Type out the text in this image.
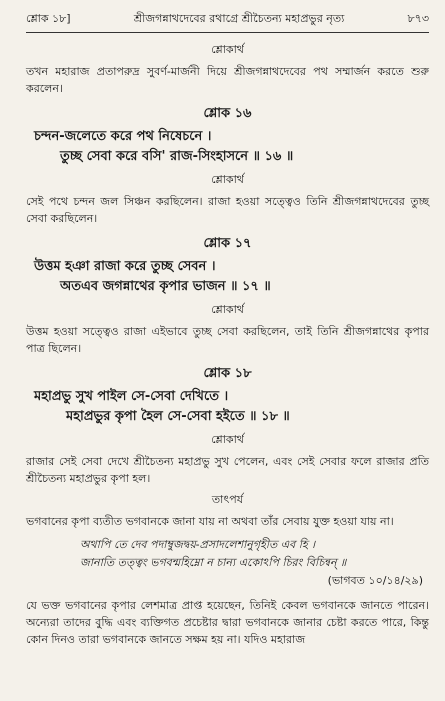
শ্লোক ১৮]	শ্রীজগন্নাথদেবের রথাগ্রে শ্রীচৈতন্য মহাপ্রভুর নৃত্য	৮৭৩
শ্লোকার্থ

তখন মহারাজ প্রতাপরুদ্র সুবর্ণ-মার্জনী দিয়ে শ্রীজগন্নাথদেবের পথ সম্মার্জন করতে শুরু করলেন।

শ্লোক ১৬

চন্দন-জলেতে করে পথ নিষেচনে ।

তুচ্ছ সেবা করে বসি' রাজ-সিংহাসনে ॥ ১৬ ॥

শ্লোকার্থ

সেই পথে চন্দন জল সিঞ্চন করছিলেন। রাজা হওয়া সত্ত্বেও তিনি শ্রীজগন্নাথদেবের তুচ্ছ সেবা করছিলেন।

শ্লোক ১৭

উত্তম হঞা রাজা করে তুচ্ছ সেবন ।

অতএব জগন্নাথের কৃপার ভাজন ॥ ১৭ ॥

শ্লোকার্থ

উত্তম হওয়া সত্ত্বেও রাজা এইভাবে তুচ্ছ সেবা করছিলেন, তাই তিনি শ্রীজগন্নাথের কৃপার পাত্র ছিলেন।

শ্লোক ১৮

মহাপ্রভু সুখ পাইল সে-সেবা দেখিতে ।

মহাপ্রভুর কৃপা হৈল সে-সেবা হইতে ॥ ১৮ ॥

শ্লোকার্থ

রাজার সেই সেবা দেখে শ্রীচৈতন্য মহাপ্রভু সুখ পেলেন, এবং সেই সেবার ফলে রাজার প্রতি শ্রীচৈতন্য মহাপ্রভুর কৃপা হল।

তাৎপর্য

ভগবানের কৃপা ব্যতীত ভগবানকে জানা যায় না অথবা তাঁর সেবায় যুক্ত হওয়া যায় না।

অথাপি তে দেব পদাম্বুজদ্বয়-প্রসাদলেশানুগৃহীত এব হি ।

জানাতি তত্ত্বং ভগবন্মহিম্নো ন চান্য একোঽপি চিরং বিচিন্বন্ ॥

(ভাগবত ১০/১৪/২৯)

যে ভক্ত ভগবানের কৃপার লেশমাত্র প্রাপ্ত হয়েছেন, তিনিই কেবল ভগবানকে জানতে পারেন। অন্যেরা তাদের বুদ্ধি এবং ব্যক্তিগত প্রচেষ্টার দ্বারা ভগবানকে জানার চেষ্টা করতে পারে, কিন্তু কোন দিনও তারা ভগবানকে জানতে সক্ষম হয় না। যদিও মহারাজ
